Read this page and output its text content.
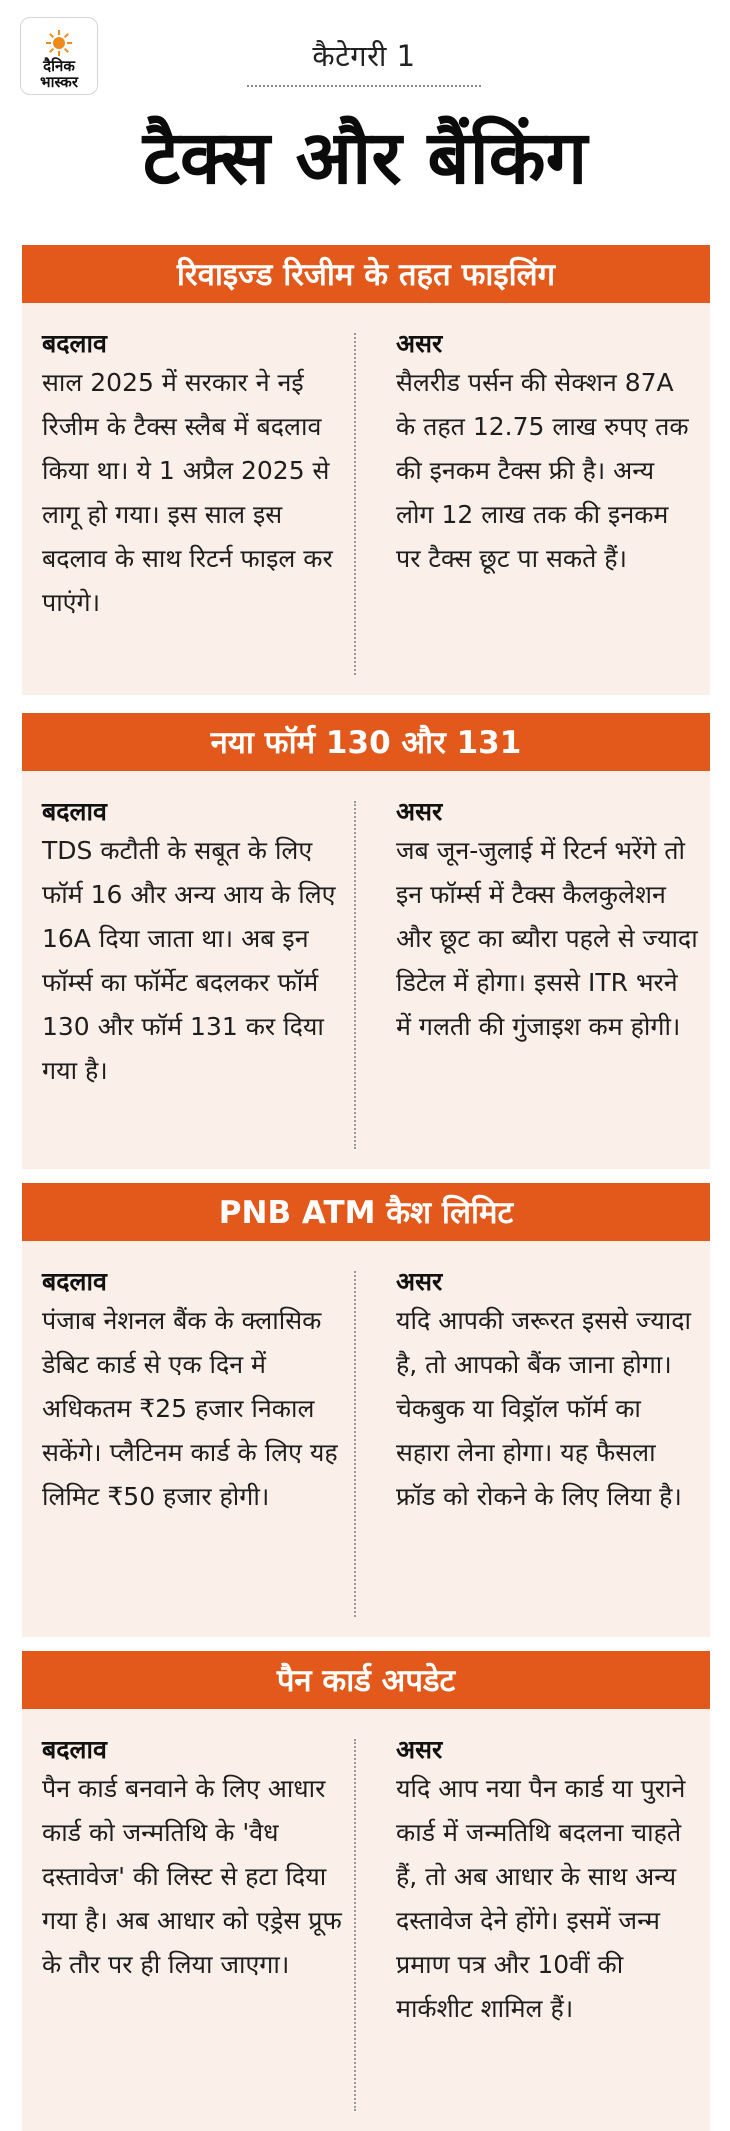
दैनिक
भास्कर
कैटेगरी 1
टैक्स और बैंकिंग
रिवाइज्ड रिजीम के तहत फाइलिंग
बदलाव
साल 2025 में सरकार ने नई रिजीम के टैक्स स्लैब में बदलाव किया था। ये 1 अप्रैल 2025 से लागू हो गया। इस साल इस बदलाव के साथ रिटर्न फाइल कर पाएंगे।
असर
सैलरीड पर्सन की सेक्शन 87A के तहत 12.75 लाख रुपए तक की इनकम टैक्स फ्री है। अन्य लोग 12 लाख तक की इनकम पर टैक्स छूट पा सकते हैं।
नया फॉर्म 130 और 131
बदलाव
TDS कटौती के सबूत के लिए फॉर्म 16 और अन्य आय के लिए 16A दिया जाता था। अब इन फॉर्म्स का फॉर्मेट बदलकर फॉर्म 130 और फॉर्म 131 कर दिया गया है।
असर
जब जून-जुलाई में रिटर्न भरेंगे तो इन फॉर्म्स में टैक्स कैलकुलेशन और छूट का ब्यौरा पहले से ज्यादा डिटेल में होगा। इससे ITR भरने में गलती की गुंजाइश कम होगी।
PNB ATM कैश लिमिट
बदलाव
पंजाब नेशनल बैंक के क्लासिक डेबिट कार्ड से एक दिन में अधिकतम ₹25 हजार निकाल सकेंगे। प्लैटिनम कार्ड के लिए यह लिमिट ₹50 हजार होगी।
असर
यदि आपकी जरूरत इससे ज्यादा है, तो आपको बैंक जाना होगा। चेकबुक या विड्रॉल फॉर्म का सहारा लेना होगा। यह फैसला फ्रॉड को रोकने के लिए लिया है।
पैन कार्ड अपडेट
बदलाव
पैन कार्ड बनवाने के लिए आधार कार्ड को जन्मतिथि के 'वैध दस्तावेज' की लिस्ट से हटा दिया गया है। अब आधार को एड्रेस प्रूफ के तौर पर ही लिया जाएगा।
असर
यदि आप नया पैन कार्ड या पुराने कार्ड में जन्मतिथि बदलना चाहते हैं, तो अब आधार के साथ अन्य दस्तावेज देने होंगे। इसमें जन्म प्रमाण पत्र और 10वीं की मार्कशीट शामिल हैं।
